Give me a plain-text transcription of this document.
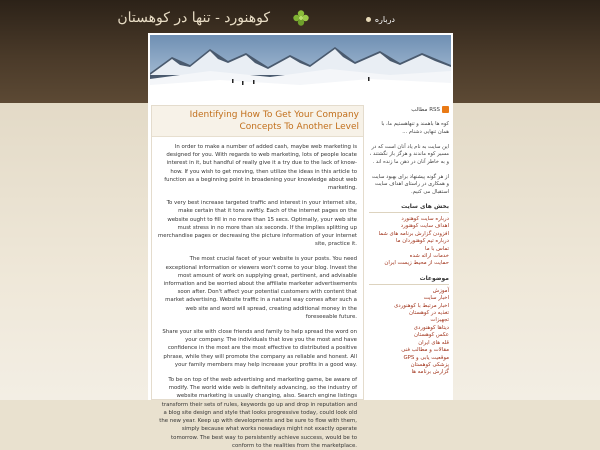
کوهنورد - تنها در کوهستان	درباره
Identifying How To Get Your Company Concepts To Another Level

In order to make a number of added cash, maybe web marketing is designed for you. With regards to web marketing, lots of people locate interest in it, but handful of really give it a try due to the lack of know-how. If you wish to get moving, then utilize the ideas in this article to function as a beginning point in broadening your knowledge about web marketing.

To very best increase targeted traffic and interest in your internet site, make certain that it tons swiftly. Each of the internet pages on the website ought to fill in no more than 15 secs. Optimally, your web site must stress in no more than six seconds. If the implies splitting up merchandise pages or decreasing the picture information of your internet site, practice it.

The most crucial facet of your website is your posts. You need exceptional information or viewers won't come to your blog. Invest the most amount of work on supplying great, pertinent, and advisable information and be worried about the affiliate marketer advertisements soon after. Don't affect your potential customers with content that market advertising. Website traffic in a natural way comes after such a web site and word will spread, creating additional money in the foreseeable future.

Share your site with close friends and family to help spread the word on your company. The individuals that love you the most and have confidence in the most are the most effective to distributed a positive phrase, while they will promote the company as reliable and honest. All your family members may help increase your profits in a good way.

To be on top of the web advertising and marketing game, be aware of modify. The world wide web is definitely advancing, so the industry of website marketing is usually changing, also. Search engine listings transform their sets of rules, keywords go up and drop in reputation and a blog site design and style that looks progressive today, could look old the new year. Keep up with developments and be sure to flow with them, simply because what works nowadays might not exactly operate tomorrow. The best way to persistently achieve success, would be to conform to the realities from the marketplace.

RSS مطالب

کوه ها باهمند و تنهاهستیم ما، با همان تنهایی دشنام ...

این سایت به نام یاد آنان است که در مسیر کوه ماندند و هرگز باز نگشتند ، و به خاطر آنان در ذهن ما زنده اند .

از هر گونه پیشنهاد برای بهبود سایت و همکاری در راستای اهداف سایت استقبال می کنیم.

بخش های سایت
درباره سایت کوهنورد
اهداف سایت کوهنورد
افزودن گزارش برنامه های شما
درباره تیم کوهنوردان ما
تماس با ما
خدمات ارائه شده
حمایت از محیط زیست ایران
موضوعات
آموزش
اخبار سایت
اخبار مرتبط با کوهنوردی
تغذیه در کوهستان
تجهیزات
دیتاها کوهنوردی
عکس کوهستان
قله های ایران
مقالات و مطالب فنی
موقعیت یابی و GPS
پزشکی کوهستان
گزارش برنامه ها
